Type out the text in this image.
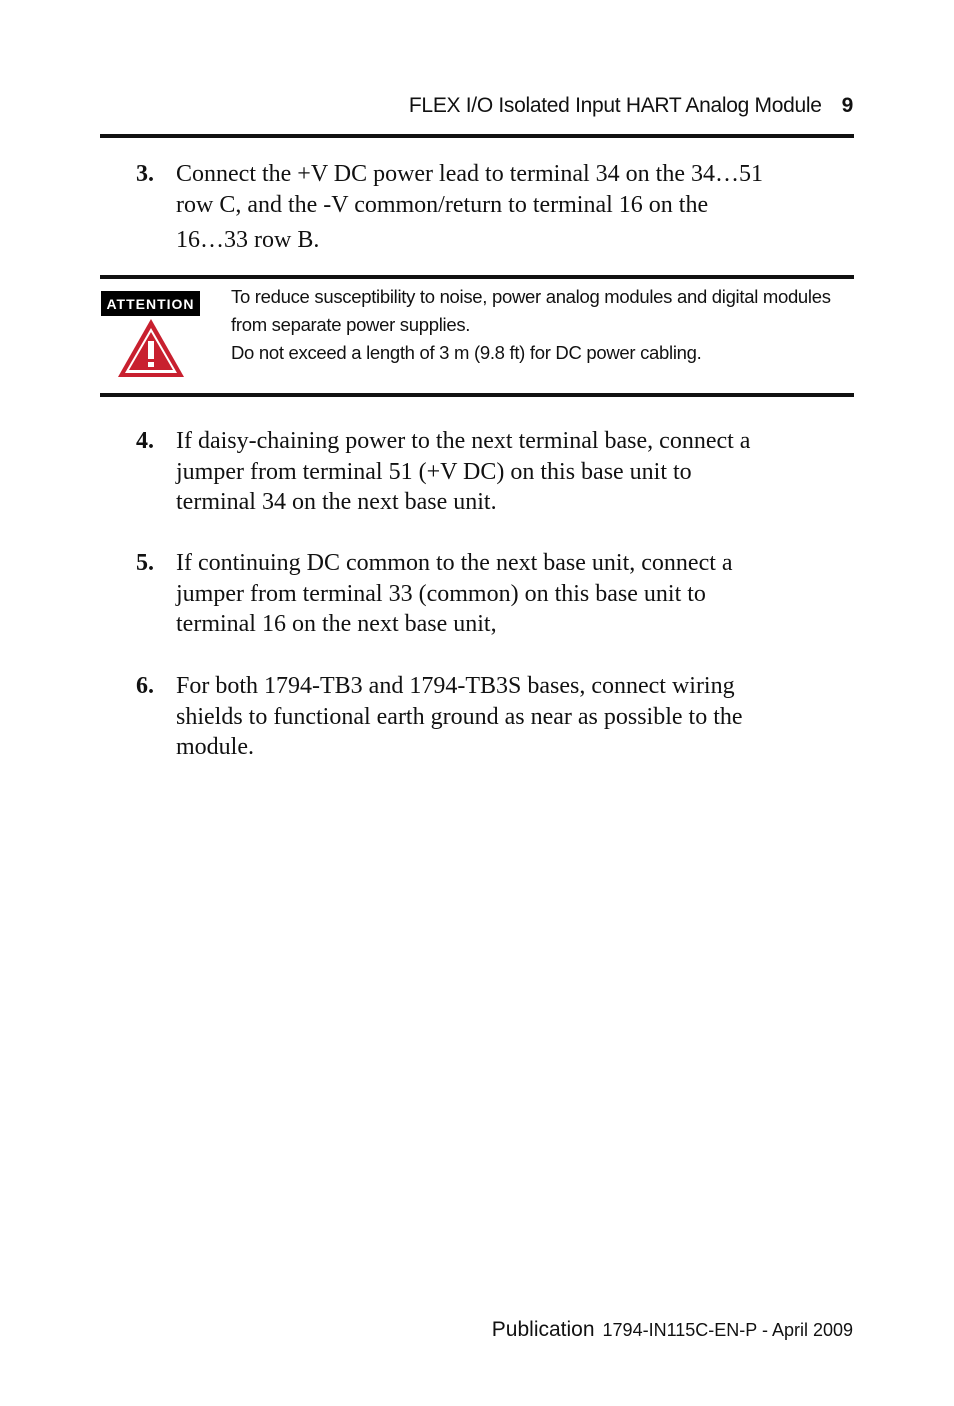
FLEX I/O Isolated Input HART Analog Module 9
3. Connect the +V DC power lead to terminal 34 on the 34…51
row C, and the -V common/return to terminal 16 on the
16…33 row B.
ATTENTION To reduce susceptibility to noise, power analog modules and digital modules
from separate power supplies.
Do not exceed a length of 3 m (9.8 ft) for DC power cabling.
4. If daisy-chaining power to the next terminal base, connect a
jumper from terminal 51 (+V DC) on this base unit to
terminal 34 on the next base unit.
5. If continuing DC common to the next base unit, connect a
jumper from terminal 33 (common) on this base unit to
terminal 16 on the next base unit,
6. For both 1794-TB3 and 1794-TB3S bases, connect wiring
shields to functional earth ground as near as possible to the
module.
Publication 1794-IN115C-EN-P - April 2009
